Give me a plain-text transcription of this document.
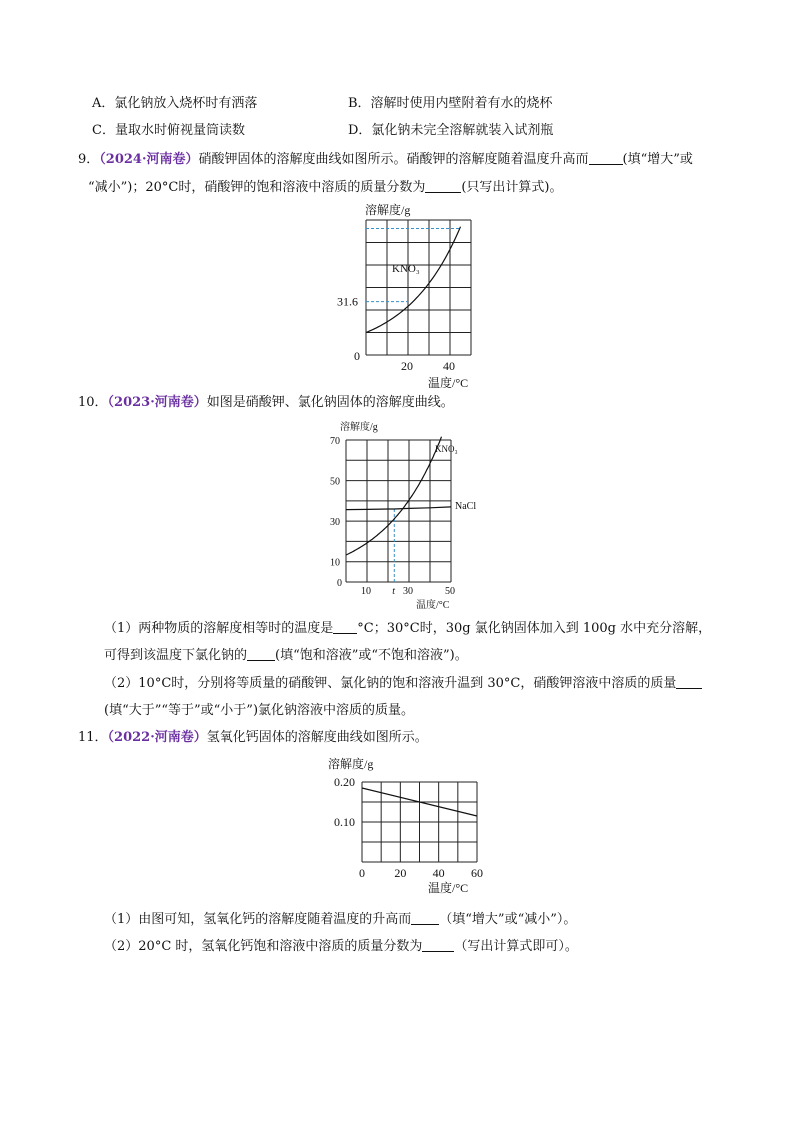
A．氯化钠放入烧杯时有洒落	B．溶解时使用内壁附着有水的烧杯
C．量取水时俯视量筒读数	D．氯化钠未完全溶解就装入试剂瓶
9．（2024·河南卷）硝酸钾固体的溶解度曲线如图所示。硝酸钾的溶解度随着温度升高而	(填“增大”或
“减小”)；20°C时，硝酸钾的饱和溶液中溶质的质量分数为	(只写出计算式)。
溶解度/g
温度/°C
0
20	40
31.6
KNO₃
10．（2023·河南卷）如图是硝酸钾、氯化钠固体的溶解度曲线。
溶解度/g
温度/°C
0
10
30
50
70
10 t 30	50
KNO₃
NaCl
（1）两种物质的溶解度相等时的温度是 °C；30°C时，30g 氯化钠固体加入到 100g 水中充分溶解，
可得到该温度下氯化钠的 (填“饱和溶液”或“不饱和溶液”)。
（2）10°C时，分别将等质量的硝酸钾、氯化钠的饱和溶液升温到 30°C，硝酸钾溶液中溶质的质量
(填“大于”“等于”或“小于”)氯化钠溶液中溶质的质量。
11．（2022·河南卷）氢氧化钙固体的溶解度曲线如图所示。
溶解度/g
温度/°C
0.20
0.10
0 20 40 60
（1）由图可知，氢氧化钙的溶解度随着温度的升高而 （填“增大”或“减小”）。
（2）20°C 时，氢氧化钙饱和溶液中溶质的质量分数为 （写出计算式即可）。
